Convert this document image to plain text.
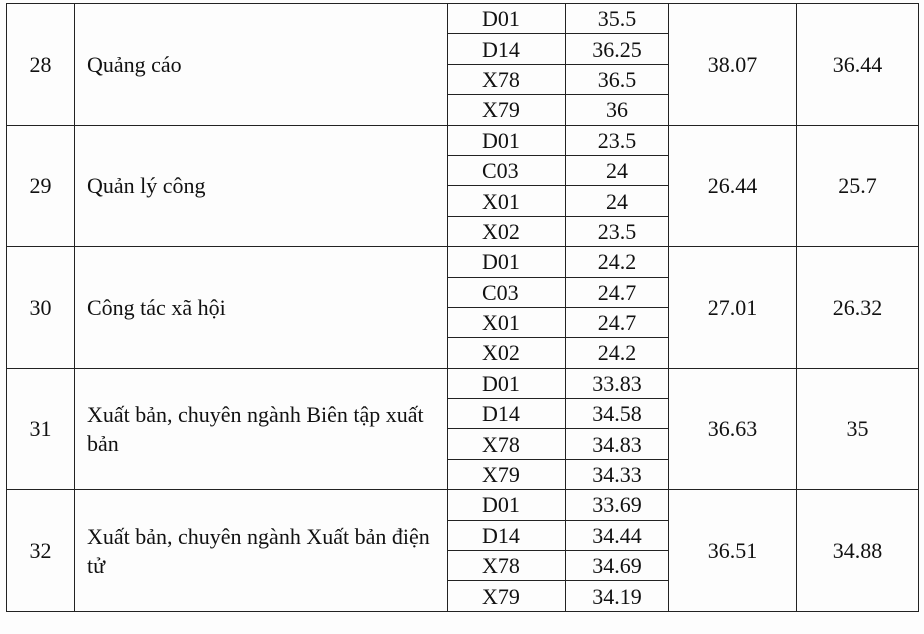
28	Quảng cáo	D01	35.5	38.07	36.44
		D14	36.25		
		X78	36.5		
		X79	36		
29	Quản lý công	D01	23.5	26.44	25.7
		C03	24		
		X01	24		
		X02	23.5		
30	Công tác xã hội	D01	24.2	27.01	26.32
		C03	24.7		
		X01	24.7		
		X02	24.2		
31	Xuất bản, chuyên ngành Biên tập xuất bản	D01	33.83	36.63	35
		D14	34.58		
		X78	34.83		
		X79	34.33		
32	Xuất bản, chuyên ngành Xuất bản điện tử	D01	33.69	36.51	34.88
		D14	34.44		
		X78	34.69		
		X79	34.19		
